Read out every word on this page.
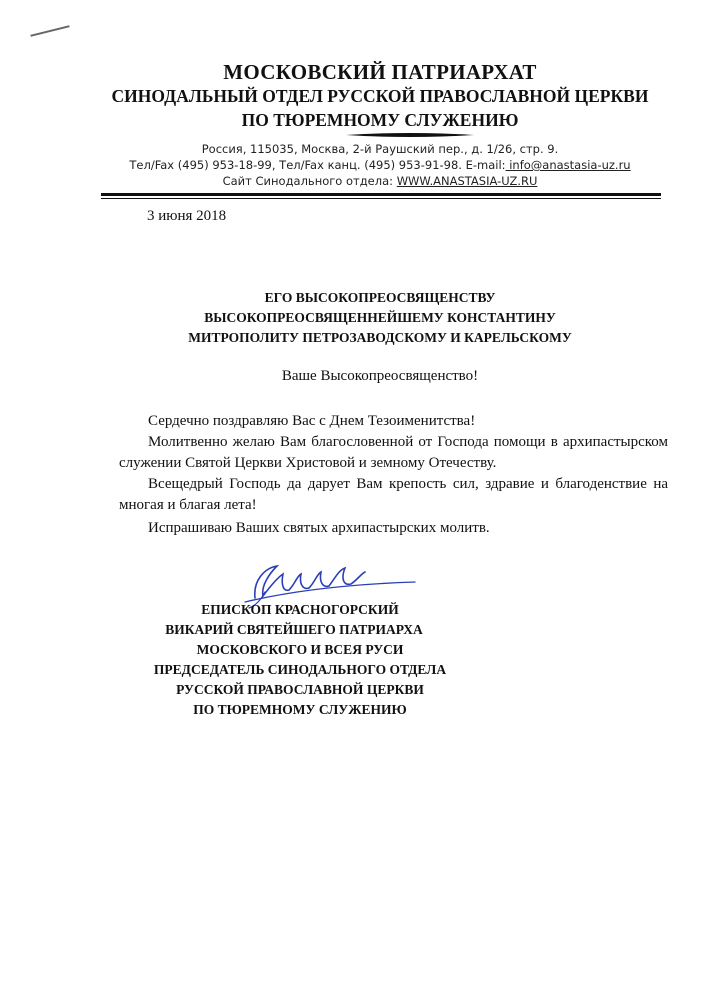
МОСКОВСКИЙ ПАТРИАРХАТ
СИНОДАЛЬНЫЙ ОТДЕЛ РУССКОЙ ПРАВОСЛАВНОЙ ЦЕРКВИ
ПО ТЮРЕМНОМУ СЛУЖЕНИЮ
Россия, 115035, Москва, 2-й Раушский пер., д. 1/26, стр. 9.
Тел/Fax (495) 953-18-99, Тел/Fax канц. (495) 953-91-98. E-mail: info@anastasia-uz.ru
Сайт Синодального отдела: WWW.ANASTASIA-UZ.RU
3 июня 2018
ЕГО ВЫСОКОПРЕОСВЯЩЕНСТВУ
ВЫСОКОПРЕОСВЯЩЕННЕЙШЕМУ КОНСТАНТИНУ
МИТРОПОЛИТУ ПЕТРОЗАВОДСКОМУ И КАРЕЛЬСКОМУ
Ваше Высокопреосвященство!
Сердечно поздравляю Вас с Днем Тезоименитства!
Молитвенно желаю Вам благословенной от Господа помощи в архипастырском служении Святой Церкви Христовой и земному Отечеству.
Всещедрый Господь да дарует Вам крепость сил, здравие и благоденствие на многая и благая лета!
Испрашиваю Ваших святых архипастырских молитв.
ЕПИСКОП КРАСНОГОРСКИЙ
ВИКАРИЙ СВЯТЕЙШЕГО ПАТРИАРХА
МОСКОВСКОГО И ВСЕЯ РУСИ
ПРЕДСЕДАТЕЛЬ СИНОДАЛЬНОГО ОТДЕЛА
РУССКОЙ ПРАВОСЛАВНОЙ ЦЕРКВИ
ПО ТЮРЕМНОМУ СЛУЖЕНИЮ
